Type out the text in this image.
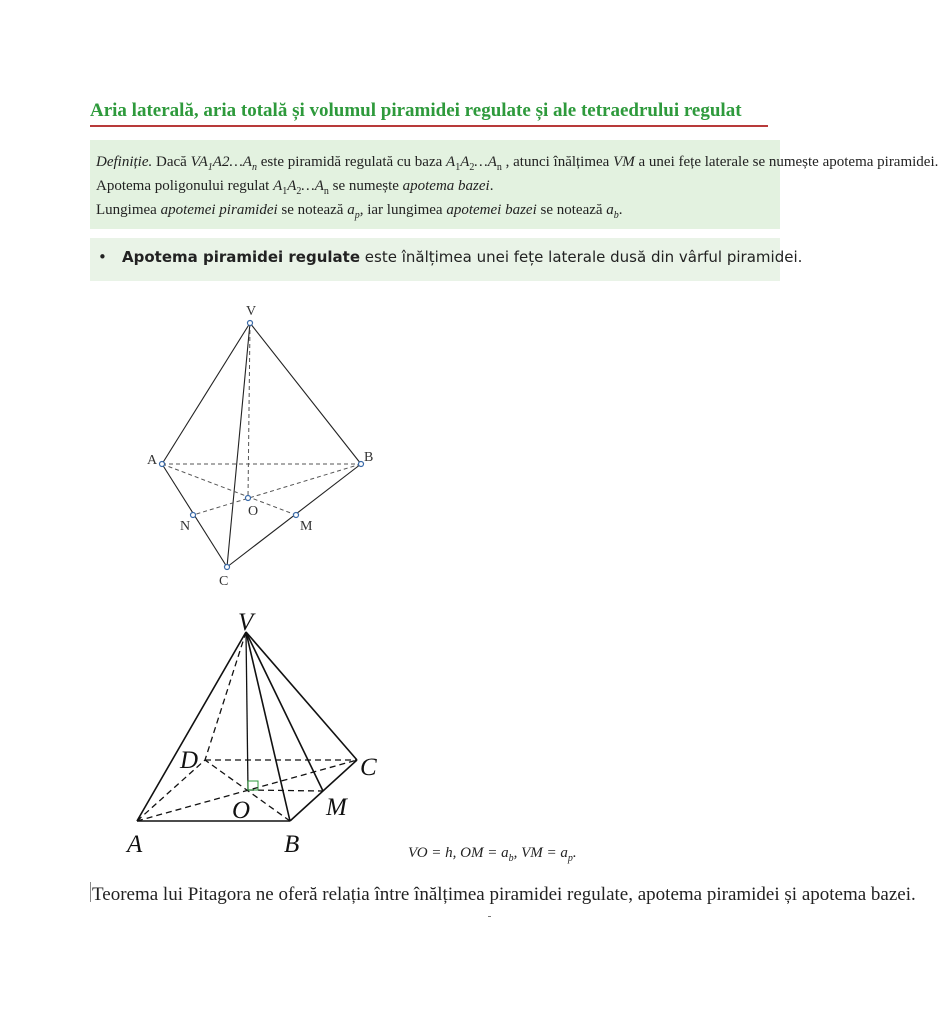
Aria laterală, aria totală și volumul piramidei regulate și ale tetraedrului regulat
Definiție. Dacă $VA_1A2\dots A_n$ este piramidă regulată cu baza $A_1A_2\dots A_n$ , atunci înălțimea VM a unei fețe laterale se numește apotema piramidei.
Apotema poligonului regulat $A_1A_2\dots A_n$ se numește apotema bazei.
Lungimea apotemei piramidei se notează $a_p$, iar lungimea apotemei bazei se notează $a_b$.
• Apotema piramidei regulate este înălțimea unei fețe laterale dusă din vârful piramidei.
V
A	B
C
O
N	M
V
A	B
C
D
O	M
VO = h, OM = $a_b$, VM = $a_p$.
Teorema lui Pitagora ne oferă relația între înălțimea piramidei regulate, apotema piramidei și apotema bazei.
